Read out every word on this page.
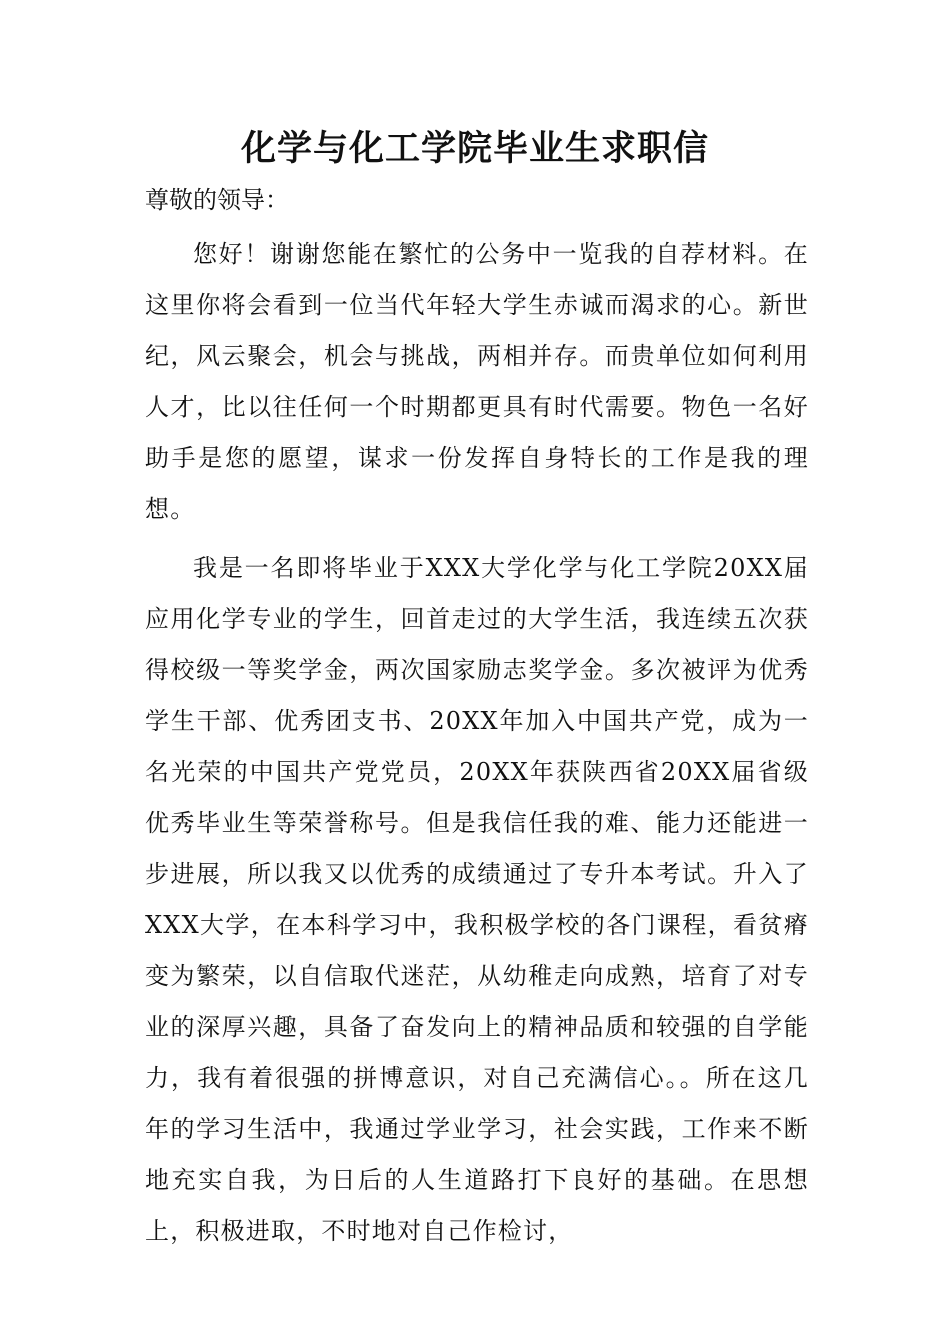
化学与化工学院毕业生求职信

尊敬的领导：

您好！谢谢您能在繁忙的公务中一览我的自荐材料。在这里你将会看到一位当代年轻大学生赤诚而渴求的心。新世纪，风云聚会，机会与挑战，两相并存。而贵单位如何利用人才，比以往任何一个时期都更具有时代需要。物色一名好助手是您的愿望，谋求一份发挥自身特长的工作是我的理想。

我是一名即将毕业于XXX大学化学与化工学院20XX届应用化学专业的学生，回首走过的大学生活，我连续五次获得校级一等奖学金，两次国家励志奖学金。多次被评为优秀学生干部、优秀团支书、20XX年加入中国共产党，成为一名光荣的中国共产党党员，20XX年获陕西省20XX届省级优秀毕业生等荣誉称号。但是我信任我的难、能力还能进一步进展，所以我又以优秀的成绩通过了专升本考试。升入了XXX大学，在本科学习中，我积极学校的各门课程，看贫瘠变为繁荣，以自信取代迷茫，从幼稚走向成熟，培育了对专业的深厚兴趣，具备了奋发向上的精神品质和较强的自学能力，我有着很强的拼博意识，对自己充满信心。。所在这几年的学习生活中，我通过学业学习，社会实践，工作来不断地充实自我，为日后的人生道路打下良好的基础。在思想上，积极进取，不时地对自己作检讨，
